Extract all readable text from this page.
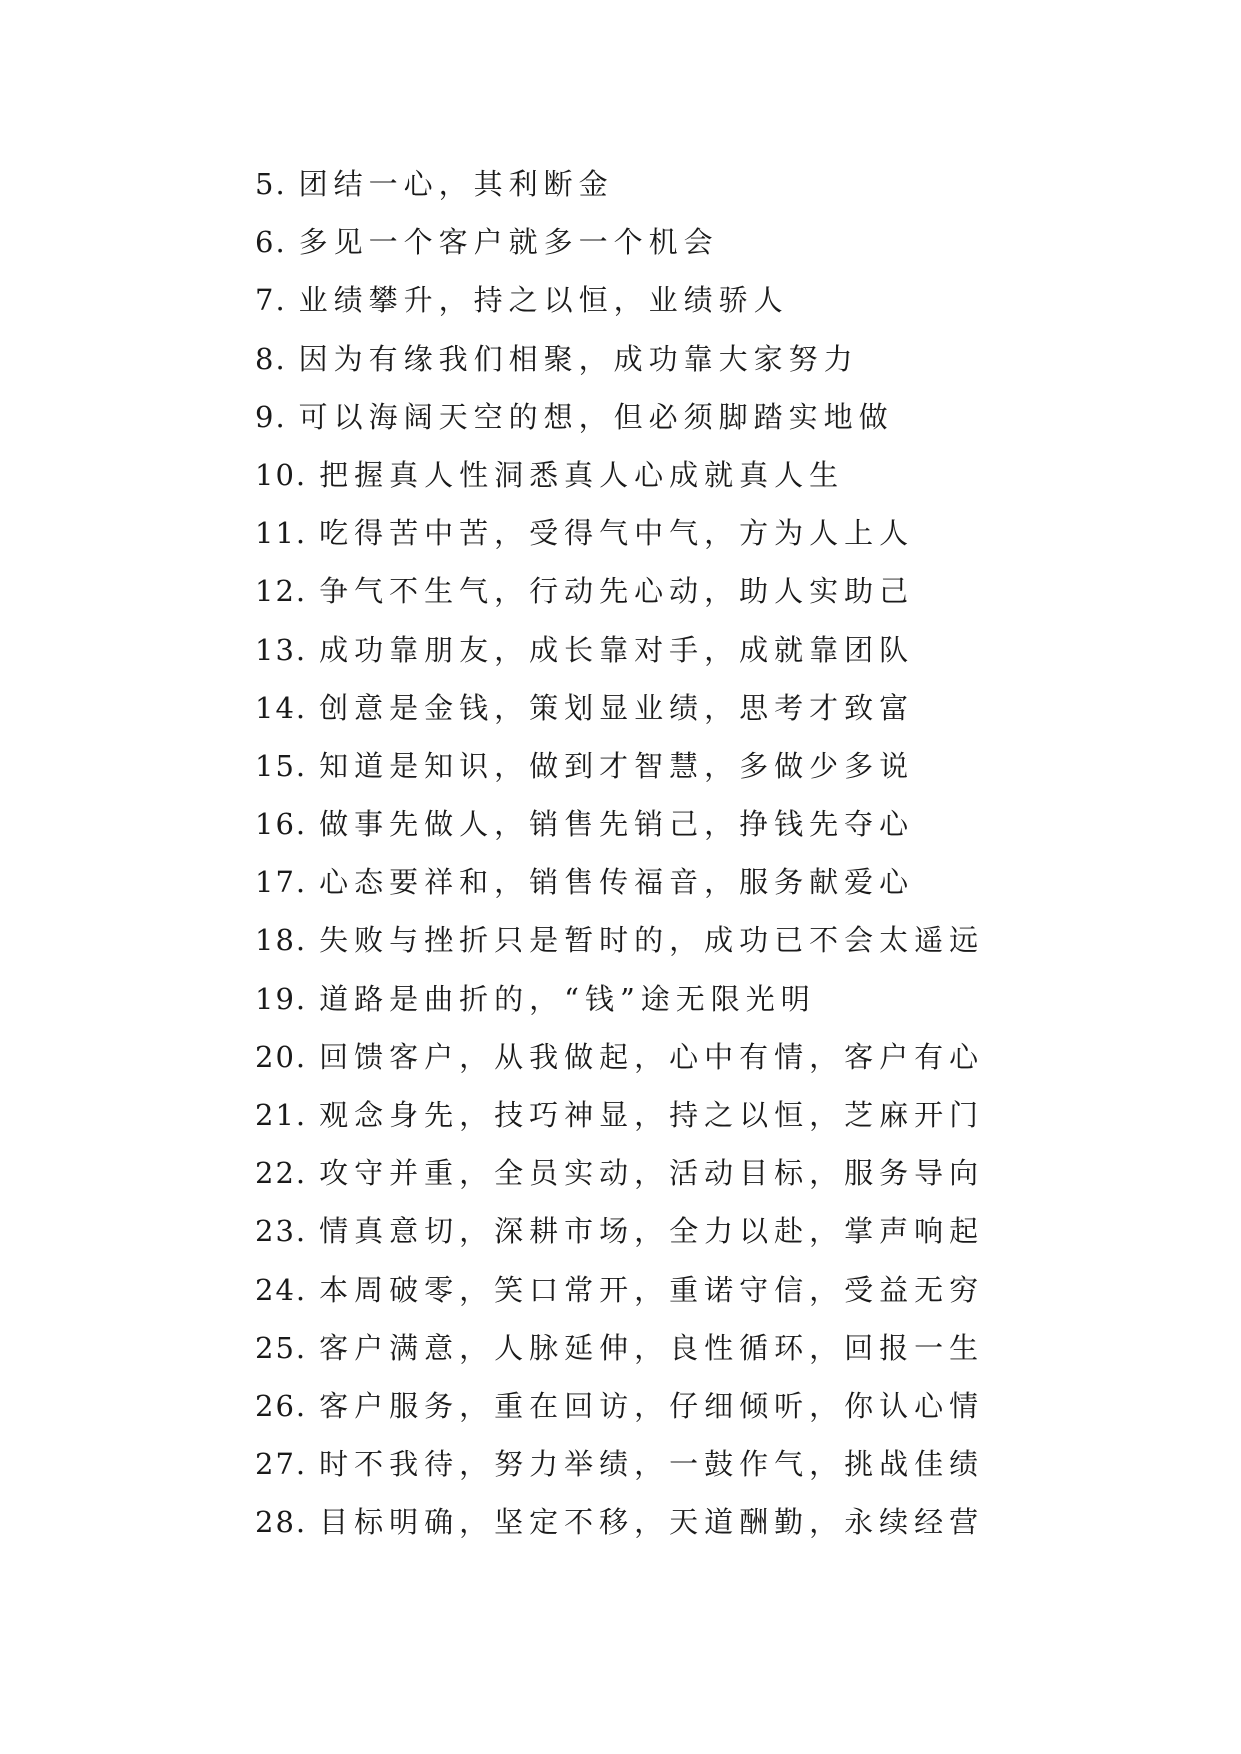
5. 团结一心，其利断金
6. 多见一个客户就多一个机会
7. 业绩攀升，持之以恒，业绩骄人
8. 因为有缘我们相聚，成功靠大家努力
9. 可以海阔天空的想，但必须脚踏实地做
10. 把握真人性洞悉真人心成就真人生
11. 吃得苦中苦，受得气中气，方为人上人
12. 争气不生气，行动先心动，助人实助己
13. 成功靠朋友，成长靠对手，成就靠团队
14. 创意是金钱，策划显业绩，思考才致富
15. 知道是知识，做到才智慧，多做少多说
16. 做事先做人，销售先销己，挣钱先夺心
17. 心态要祥和，销售传福音，服务献爱心
18. 失败与挫折只是暂时的，成功已不会太遥远
19. 道路是曲折的，“钱”途无限光明
20. 回馈客户，从我做起，心中有情，客户有心
21. 观念身先，技巧神显，持之以恒，芝麻开门
22. 攻守并重，全员实动，活动目标，服务导向
23. 情真意切，深耕市场，全力以赴，掌声响起
24. 本周破零，笑口常开，重诺守信，受益无穷
25. 客户满意，人脉延伸，良性循环，回报一生
26. 客户服务，重在回访，仔细倾听，你认心情
27. 时不我待，努力举绩，一鼓作气，挑战佳绩
28. 目标明确，坚定不移，天道酬勤，永续经营
